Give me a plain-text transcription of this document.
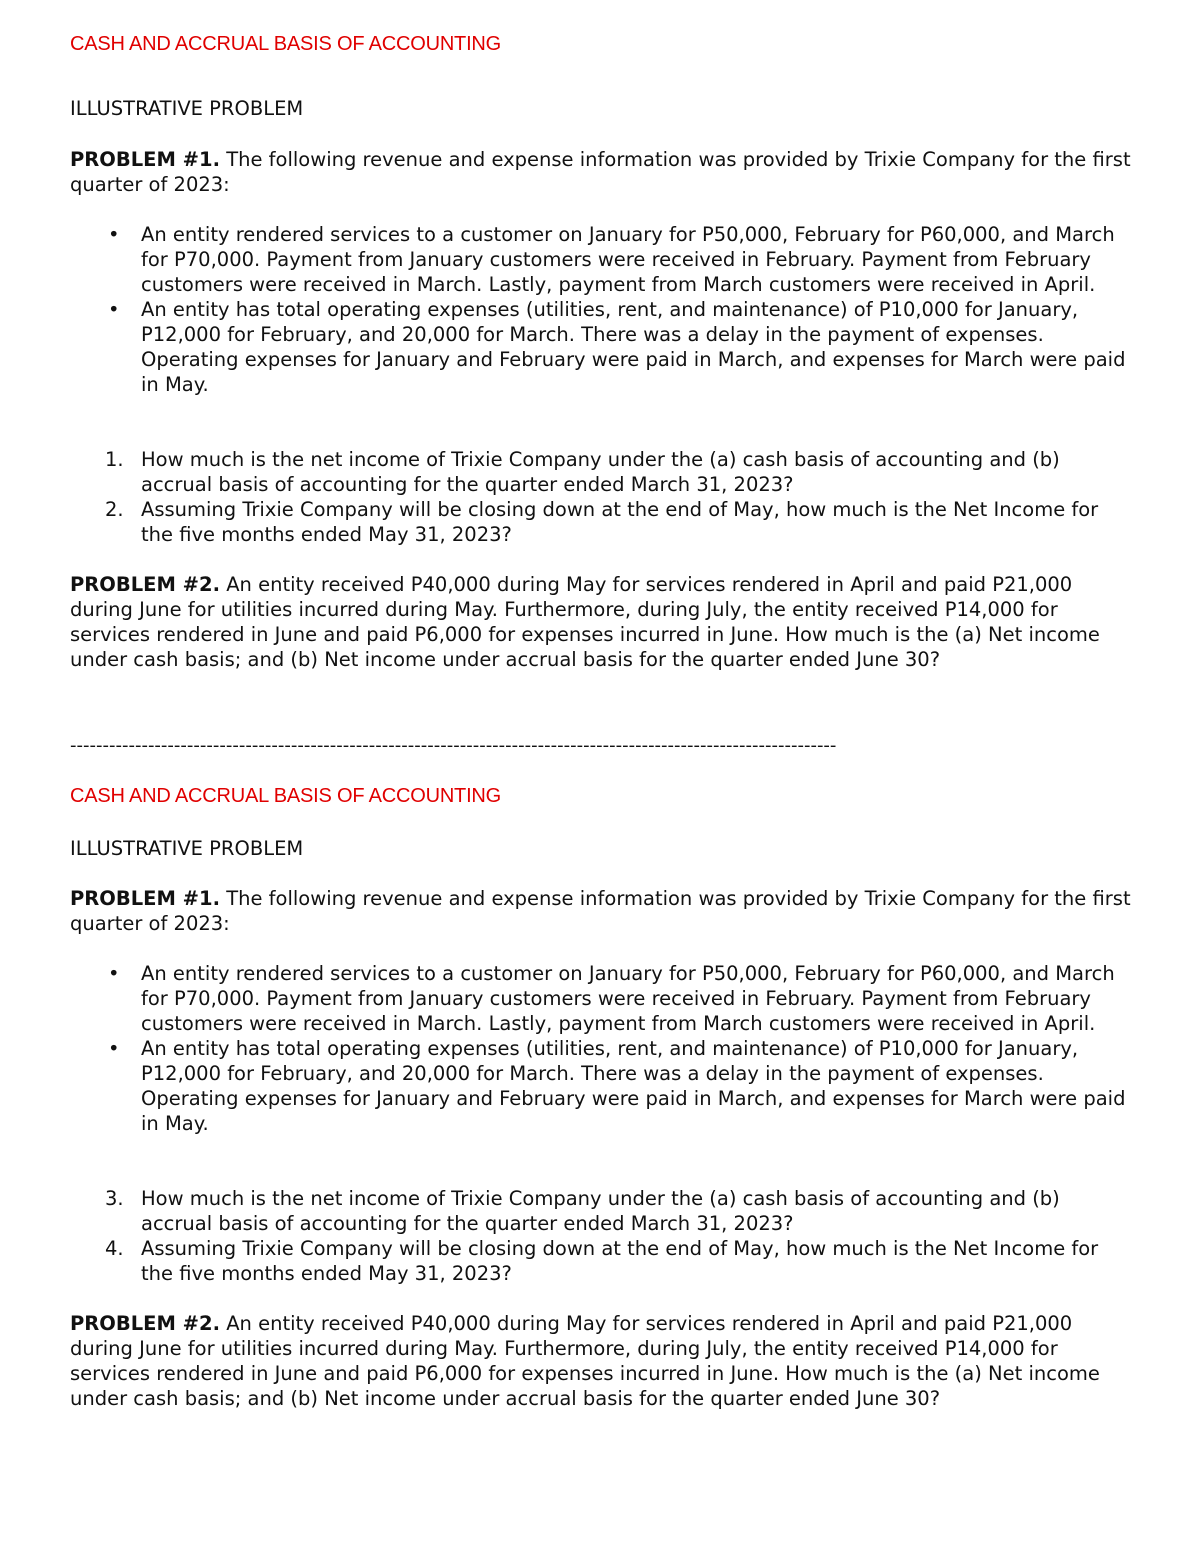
CASH AND ACCRUAL BASIS OF ACCOUNTING

ILLUSTRATIVE PROBLEM

PROBLEM #1. The following revenue and expense information was provided by Trixie Company for the first quarter of 2023:

• An entity rendered services to a customer on January for P50,000, February for P60,000, and March for P70,000. Payment from January customers were received in February. Payment from February customers were received in March. Lastly, payment from March customers were received in April.
• An entity has total operating expenses (utilities, rent, and maintenance) of P10,000 for January, P12,000 for February, and 20,000 for March. There was a delay in the payment of expenses. Operating expenses for January and February were paid in March, and expenses for March were paid in May.
1. How much is the net income of Trixie Company under the (a) cash basis of accounting and (b) accrual basis of accounting for the quarter ended March 31, 2023?
2. Assuming Trixie Company will be closing down at the end of May, how much is the Net Income for the five months ended May 31, 2023?

PROBLEM #2. An entity received P40,000 during May for services rendered in April and paid P21,000 during June for utilities incurred during May. Furthermore, during July, the entity received P14,000 for services rendered in June and paid P6,000 for expenses incurred in June. How much is the (a) Net income under cash basis; and (b) Net income under accrual basis for the quarter ended June 30?

----------------------------------------------------------------------------------------------------------------------

CASH AND ACCRUAL BASIS OF ACCOUNTING

ILLUSTRATIVE PROBLEM

PROBLEM #1. The following revenue and expense information was provided by Trixie Company for the first quarter of 2023:

• An entity rendered services to a customer on January for P50,000, February for P60,000, and March for P70,000. Payment from January customers were received in February. Payment from February customers were received in March. Lastly, payment from March customers were received in April.
• An entity has total operating expenses (utilities, rent, and maintenance) of P10,000 for January, P12,000 for February, and 20,000 for March. There was a delay in the payment of expenses. Operating expenses for January and February were paid in March, and expenses for March were paid in May.
3. How much is the net income of Trixie Company under the (a) cash basis of accounting and (b) accrual basis of accounting for the quarter ended March 31, 2023?
4. Assuming Trixie Company will be closing down at the end of May, how much is the Net Income for the five months ended May 31, 2023?

PROBLEM #2. An entity received P40,000 during May for services rendered in April and paid P21,000 during June for utilities incurred during May. Furthermore, during July, the entity received P14,000 for services rendered in June and paid P6,000 for expenses incurred in June. How much is the (a) Net income under cash basis; and (b) Net income under accrual basis for the quarter ended June 30?
